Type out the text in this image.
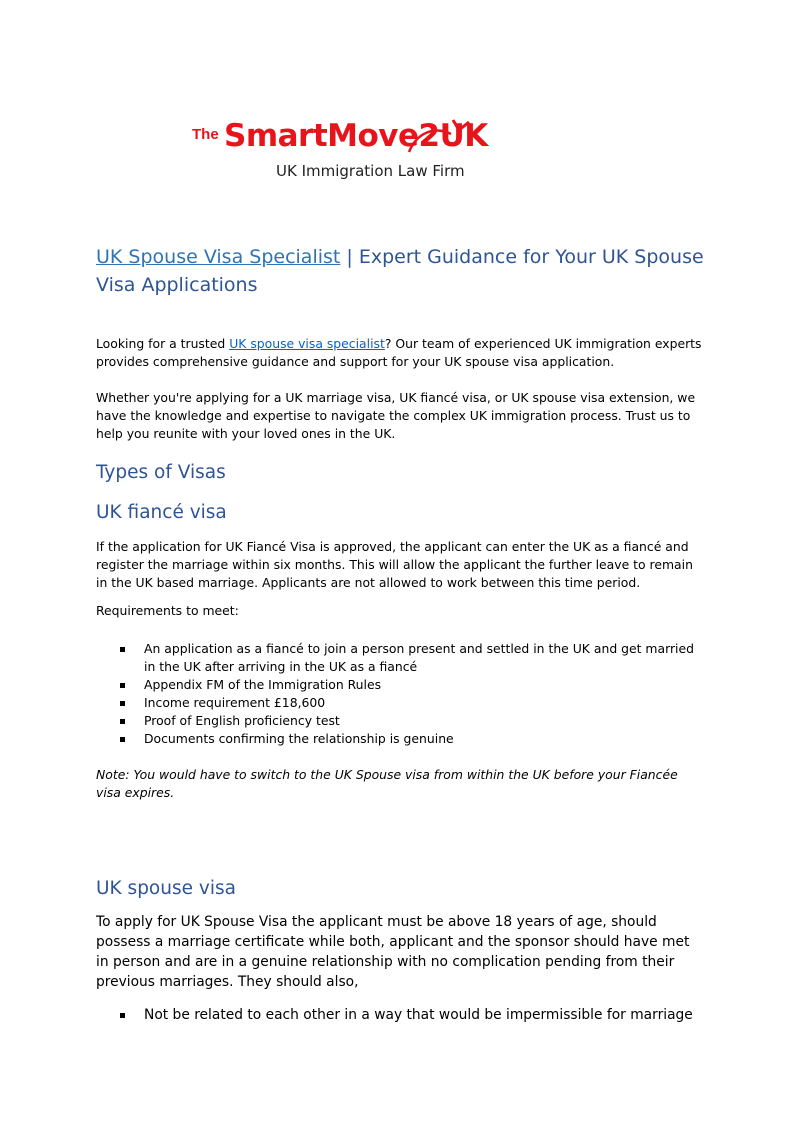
The SmartMove2UK
UK Immigration Law Firm
UK Spouse Visa Specialist | Expert Guidance for Your UK Spouse Visa Applications

Looking for a trusted UK spouse visa specialist? Our team of experienced UK immigration experts provides comprehensive guidance and support for your UK spouse visa application.

Whether you're applying for a UK marriage visa, UK fiancé visa, or UK spouse visa extension, we have the knowledge and expertise to navigate the complex UK immigration process. Trust us to help you reunite with your loved ones in the UK.

Types of Visas
UK fiancé visa

If the application for UK Fiancé Visa is approved, the applicant can enter the UK as a fiancé and register the marriage within six months. This will allow the applicant the further leave to remain in the UK based marriage. Applicants are not allowed to work between this time period.

Requirements to meet:

An application as a fiancé to join a person present and settled in the UK and get married in the UK after arriving in the UK as a fiancé
Appendix FM of the Immigration Rules
Income requirement £18,600
Proof of English proficiency test
Documents confirming the relationship is genuine

Note: You would have to switch to the UK Spouse visa from within the UK before your Fiancée visa expires.

UK spouse visa

To apply for UK Spouse Visa the applicant must be above 18 years of age, should possess a marriage certificate while both, applicant and the sponsor should have met in person and are in a genuine relationship with no complication pending from their previous marriages. They should also,

Not be related to each other in a way that would be impermissible for marriage
